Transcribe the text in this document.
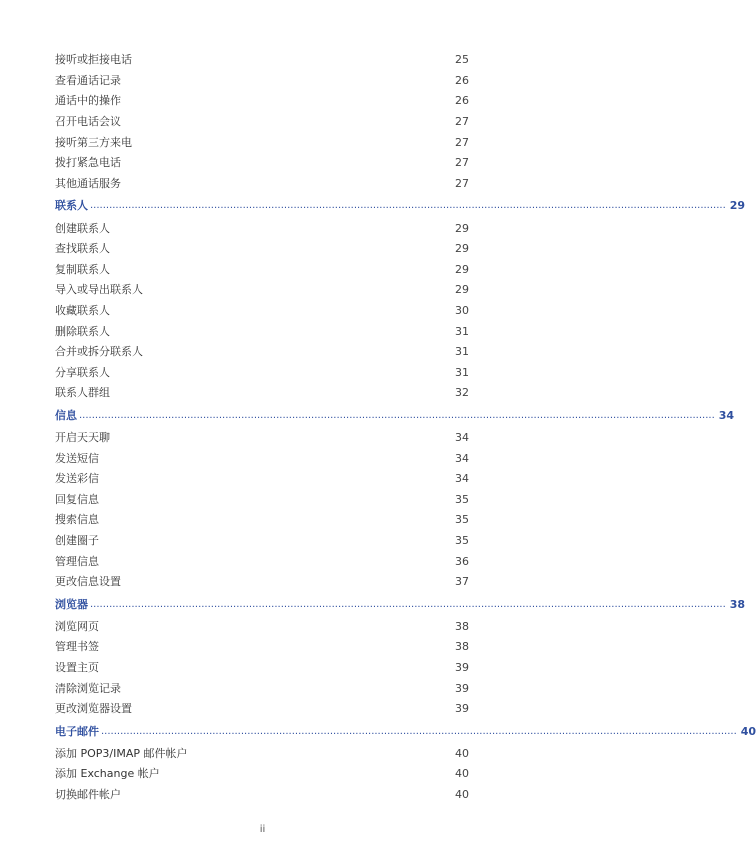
接听或拒接电话	25
查看通话记录	26
通话中的操作	26
召开电话会议	27
接听第三方来电	27
拨打紧急电话	27
其他通话服务	27
联系人 ........................................................................................................................................................................................................ 29
创建联系人	29
查找联系人	29
复制联系人	29
导入或导出联系人	29
收藏联系人	30
删除联系人	31
合并或拆分联系人	31
分享联系人	31
联系人群组	32
信息 ........................................................................................................................................................................................................ 34
开启天天聊	34
发送短信	34
发送彩信	34
回复信息	35
搜索信息	35
创建圈子	35
管理信息	36
更改信息设置	37
浏览器 ........................................................................................................................................................................................................ 38
浏览网页	38
管理书签	38
设置主页	39
清除浏览记录	39
更改浏览器设置	39
电子邮件 ........................................................................................................................................................................................................ 40
添加 POP3/IMAP 邮件帐户	40
添加 Exchange 帐户	40
切换邮件帐户	40
ii
